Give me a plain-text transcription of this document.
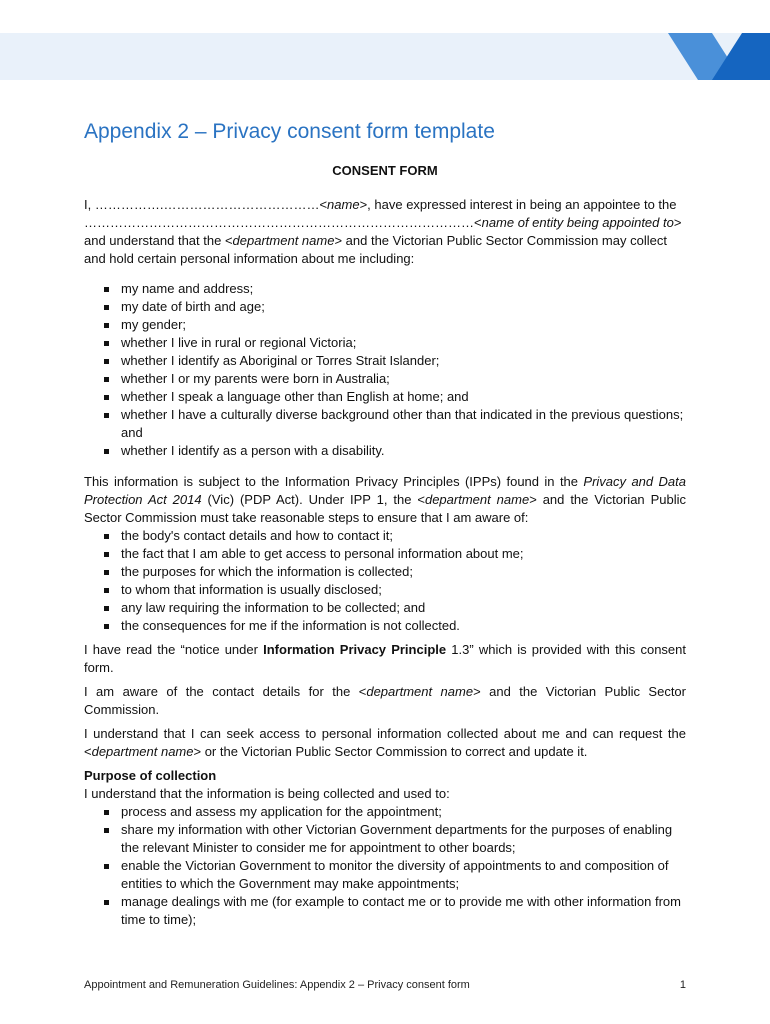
Appendix 2 – Privacy consent form template

CONSENT FORM

I, …………….………………………………<name>, have expressed interest in being an appointee to the ………………………………………………………………………………<name of entity being appointed to> and understand that the <department name> and the Victorian Public Sector Commission may collect and hold certain personal information about me including:

my name and address;
my date of birth and age;
my gender;
whether I live in rural or regional Victoria;
whether I identify as Aboriginal or Torres Strait Islander;
whether I or my parents were born in Australia;
whether I speak a language other than English at home; and
whether I have a culturally diverse background other than that indicated in the previous questions; and
whether I identify as a person with a disability.

This information is subject to the Information Privacy Principles (IPPs) found in the Privacy and Data Protection Act 2014 (Vic) (PDP Act). Under IPP 1, the <department name> and the Victorian Public Sector Commission must take reasonable steps to ensure that I am aware of:

the body's contact details and how to contact it;
the fact that I am able to get access to personal information about me;
the purposes for which the information is collected;
to whom that information is usually disclosed;
any law requiring the information to be collected; and
the consequences for me if the information is not collected.

I have read the “notice under Information Privacy Principle 1.3” which is provided with this consent form.

I am aware of the contact details for the <department name> and the Victorian Public Sector Commission.

I understand that I can seek access to personal information collected about me and can request the <department name> or the Victorian Public Sector Commission to correct and update it.

Purpose of collection

I understand that the information is being collected and used to:

process and assess my application for the appointment;
share my information with other Victorian Government departments for the purposes of enabling the relevant Minister to consider me for appointment to other boards;
enable the Victorian Government to monitor the diversity of appointments to and composition of entities to which the Government may make appointments;
manage dealings with me (for example to contact me or to provide me with other information from time to time);
Appointment and Remuneration Guidelines: Appendix 2 – Privacy consent form	1
